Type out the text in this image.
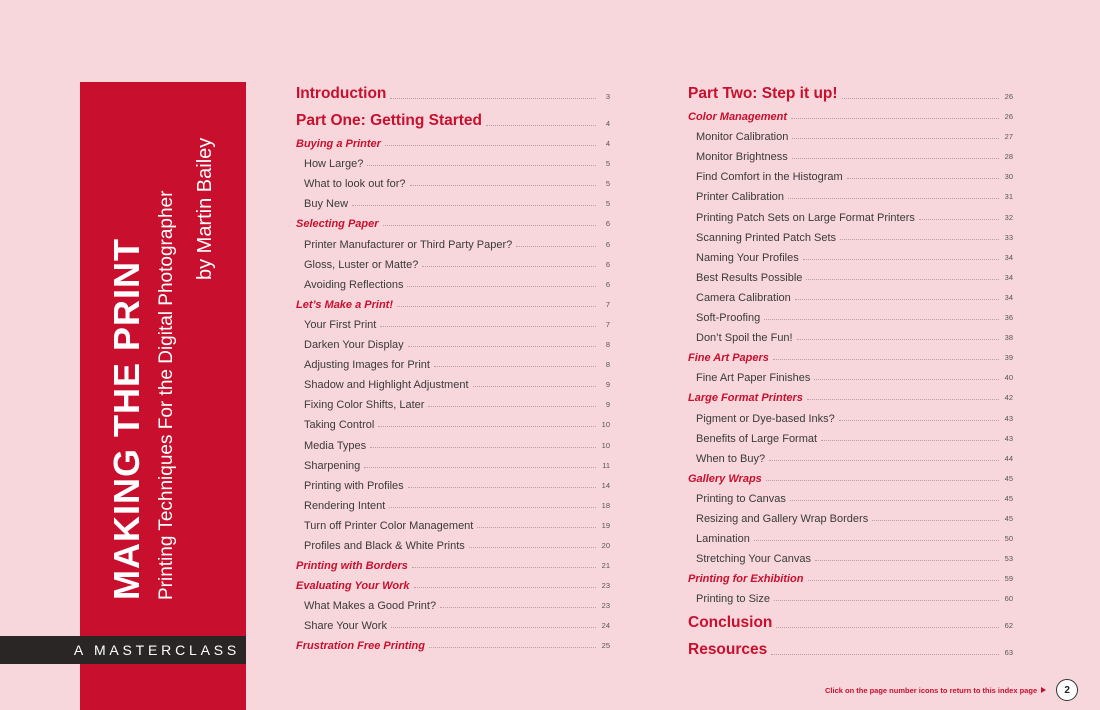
MAKING THE PRINT Printing Techniques For the Digital Photographer by Martin Bailey
A MASTERCLASS
Introduction	3
Part One: Getting Started	4
Buying a Printer	4
How Large?	5
What to look out for?	5
Buy New	5
Selecting Paper	6
Printer Manufacturer or Third Party Paper?	6
Gloss, Luster or Matte?	6
Avoiding Reflections	6
Let’s Make a Print!	7
Your First Print	7
Darken Your Display	8
Adjusting Images for Print	8
Shadow and Highlight Adjustment	9
Fixing Color Shifts, Later	9
Taking Control	10
Media Types	10
Sharpening	11
Printing with Profiles	14
Rendering Intent	18
Turn off Printer Color Management	19
Profiles and Black & White Prints	20
Printing with Borders	21
Evaluating Your Work	23
What Makes a Good Print?	23
Share Your Work	24
Frustration Free Printing	25
Part Two: Step it up!	26
Color Management	26
Monitor Calibration	27
Monitor Brightness	28
Find Comfort in the Histogram	30
Printer Calibration	31
Printing Patch Sets on Large Format Printers	32
Scanning Printed Patch Sets	33
Naming Your Profiles	34
Best Results Possible	34
Camera Calibration	34
Soft-Proofing	36
Don’t Spoil the Fun!	38
Fine Art Papers	39
Fine Art Paper Finishes	40
Large Format Printers	42
Pigment or Dye-based Inks?	43
Benefits of Large Format	43
When to Buy?	44
Gallery Wraps	45
Printing to Canvas	45
Resizing and Gallery Wrap Borders	45
Lamination	50
Stretching Your Canvas	53
Printing for Exhibition	59
Printing to Size	60
Conclusion	62
Resources	63
Click on the page number icons to return to this index page	2
